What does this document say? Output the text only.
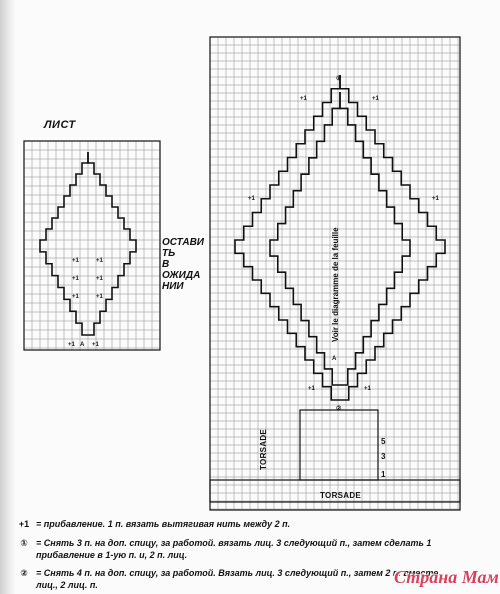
A
+1	+1
+1	+1
+1	+1
+1	+1
A
+1	+1
+1	+1
+1	+1
①
②
ЛИСТ
ОСТАВИ
ТЬ
В
ОЖИДА
НИИ	Voir le diagramme de la feuille
TORSADE
TORSADE	5
3
1
+1 = прибавление. 1 п. вязать вытягивая нить между 2 п.
① = Снять 3 п. на доп. спицу, за работой. вязать лиц. 3 следующий п., затем сделать 1
прибавление в 1-ую п. и, 2 п. лиц.
② = Снять 4 п. на доп. спицу, за работой. Вязать лиц. 3 следующий п., затем 2 п. вместе
лиц., 2 лиц. п.	Страна Мам
